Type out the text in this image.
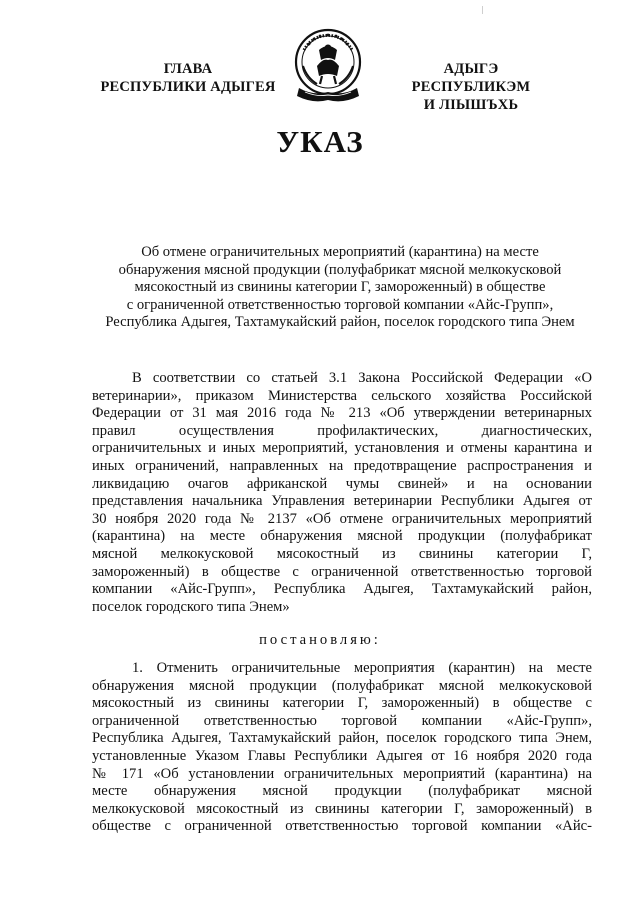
ГЛАВА
РЕСПУБЛИКИ АДЫГЕЯ
АДЫГЭ РЕСПУБЛИКЭМ
И ЛІЫШЪХЬ
УКАЗ
Об отмене ограничительных мероприятий (карантина) на месте
обнаружения мясной продукции (полуфабрикат мясной мелкокусковой
мясокостный из свинины категории Г, замороженный) в обществе
с ограниченной ответственностью торговой компании «Айс-Групп»,
Республика Адыгея, Тахтамукайский район, поселок городского типа Энем
В соответствии со статьей 3.1 Закона Российской Федерации «О
ветеринарии», приказом Министерства сельского хозяйства Российской
Федерации от 31 мая 2016 года № 213 «Об утверждении ветеринарных
правил осуществления профилактических, диагностических,
ограничительных и иных мероприятий, установления и отмены карантина и
иных ограничений, направленных на предотвращение распространения и
ликвидацию очагов африканской чумы свиней» и на основании
представления начальника Управления ветеринарии Республики Адыгея от
30 ноября 2020 года № 2137 «Об отмене ограничительных мероприятий
(карантина) на месте обнаружения мясной продукции (полуфабрикат
мясной мелкокусковой мясокостный из свинины категории Г,
замороженный) в обществе с ограниченной ответственностью торговой
компании «Айс-Групп», Республика Адыгея, Тахтамукайский район,
поселок городского типа Энем»
постановляю:
1. Отменить ограничительные мероприятия (карантин) на месте
обнаружения мясной продукции (полуфабрикат мясной мелкокусковой
мясокостный из свинины категории Г, замороженный) в обществе с
ограниченной ответственностью торговой компании «Айс-Групп»,
Республика Адыгея, Тахтамукайский район, поселок городского типа Энем,
установленные Указом Главы Республики Адыгея от 16 ноября 2020 года
№ 171 «Об установлении ограничительных мероприятий (карантина) на
месте обнаружения мясной продукции (полуфабрикат мясной
мелкокусковой мясокостный из свинины категории Г, замороженный) в
обществе с ограниченной ответственностью торговой компании «Айс-
